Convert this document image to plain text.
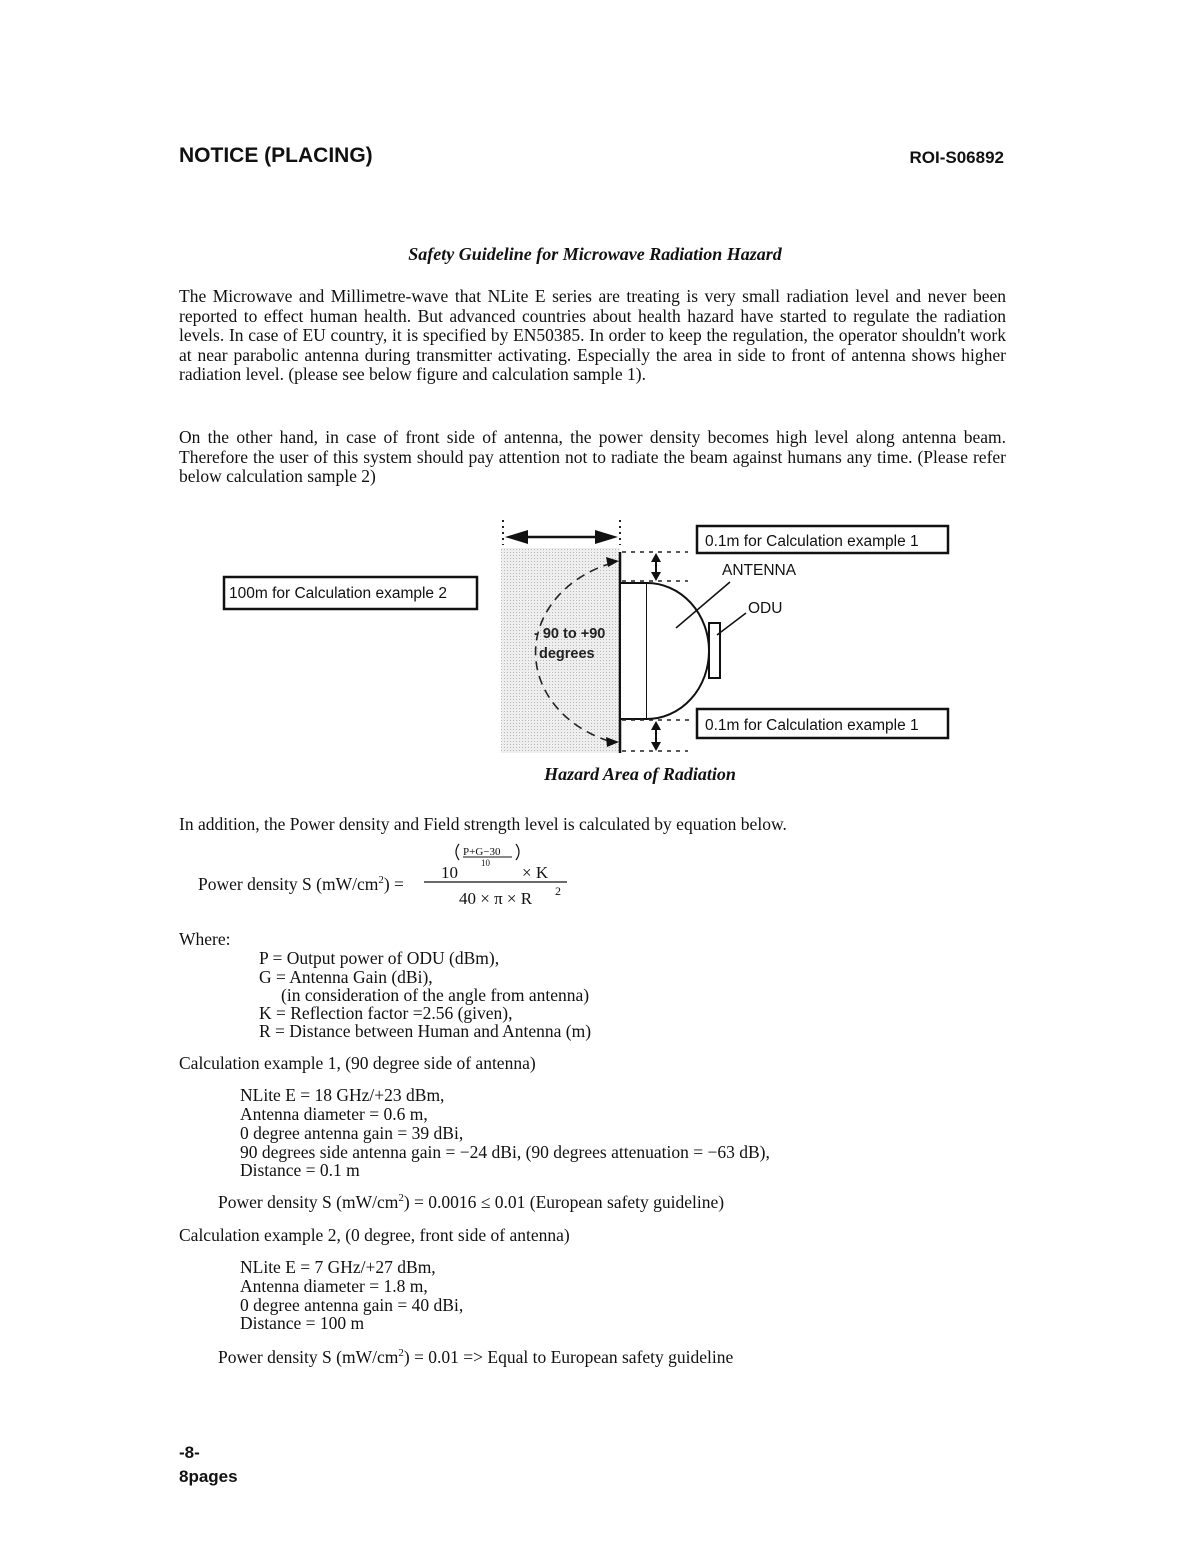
NOTICE (PLACING)	ROI-S06892
Safety Guideline for Microwave Radiation Hazard

The Microwave and Millimetre-wave that NLite E series are treating is very small radiation level and never been reported to effect human health. But advanced countries about health hazard have started to regulate the radiation levels. In case of EU country, it is specified by EN50385. In order to keep the regulation, the operator shouldn't work at near parabolic antenna during transmitter activating. Especially the area in side to front of antenna shows higher radiation level. (please see below figure and calculation sample 1).

On the other hand, in case of front side of antenna, the power density becomes high level along antenna beam. Therefore the user of this system should pay attention not to radiate the beam against humans any time. (Please refer below calculation sample 2)

0.1m for Calculation example 1
0.1m for Calculation example 1
100m for Calculation example 2
ANTENNA
ODU
- 90 to +90
degrees
Hazard Area of Radiation
In addition, the Power density and Field strength level is calculated by equation below.
Power density S $(mW/cm^2)$ =
P+G−30
10
10	× K
40 × π × R 2
Where:
P = Output power of ODU (dBm),
G = Antenna Gain (dBi),
(in consideration of the angle from antenna)
K = Reflection factor =2.56 (given),
R = Distance between Human and Antenna (m)
Calculation example 1, (90 degree side of antenna)
NLite E = 18 GHz/+23 dBm,
Antenna diameter = 0.6 m,
0 degree antenna gain = 39 dBi,
90 degrees side antenna gain = −24 dBi, (90 degrees attenuation = −63 dB),
Distance = 0.1 m
Power density S $(mW/cm^2) = 0.0016 \le 0.01$ (European safety guideline)
Calculation example 2, (0 degree, front side of antenna)
NLite E = 7 GHz/+27 dBm,
Antenna diameter = 1.8 m,
0 degree antenna gain = 40 dBi,
Distance = 100 m
Power density S $(mW/cm^2) = 0.01$ => Equal to European safety guideline
-8-
8pages
